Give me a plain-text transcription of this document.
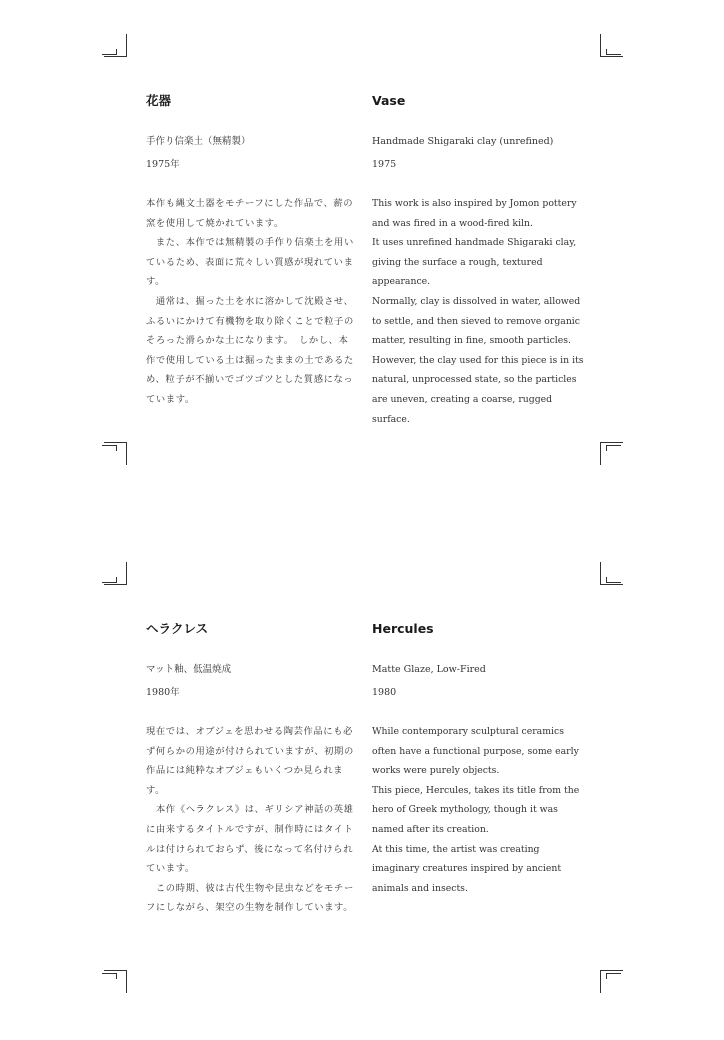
花器
手作り信楽土（無精製）
1975年

本作も縄文土器をモチーフにした作品で、薪の窯を使用して焼かれています。

　また、本作では無精製の手作り信楽土を用いているため、表面に荒々しい質感が現れています。

　通常は、掘った土を水に溶かして沈殿させ、ふるいにかけて有機物を取り除くことで粒子のそろった滑らかな土になります。　しかし、本作で使用している土は掘ったままの土であるため、粒子が不揃いでゴツゴツとした質感になっています。

Vase
Handmade Shigaraki clay (unrefined)
1975

This work is also inspired by Jomon pottery and was fired in a wood-fired kiln.

It uses unrefined handmade Shigaraki clay, giving the surface a rough, textured appearance.

Normally, clay is dissolved in water, allowed to settle, and then sieved to remove organic matter, resulting in fine, smooth particles.

However, the clay used for this piece is in its natural, unprocessed state, so the particles are uneven, creating a coarse, rugged surface.

ヘラクレス
マット釉、低温焼成
1980年

現在では、オブジェを思わせる陶芸作品にも必ず何らかの用途が付けられていますが、初期の作品には純粋なオブジェもいくつか見られます。

　本作《ヘラクレス》は、ギリシア神話の英雄に由来するタイトルですが、制作時にはタイトルは付けられておらず、後になって名付けられています。

　この時期、彼は古代生物や昆虫などをモチーフにしながら、架空の生物を制作しています。

Hercules
Matte Glaze, Low-Fired
1980

While contemporary sculptural ceramics often have a functional purpose, some early works were purely objects.

This piece, Hercules, takes its title from the hero of Greek mythology, though it was named after its creation.

At this time, the artist was creating imaginary creatures inspired by ancient animals and insects.
